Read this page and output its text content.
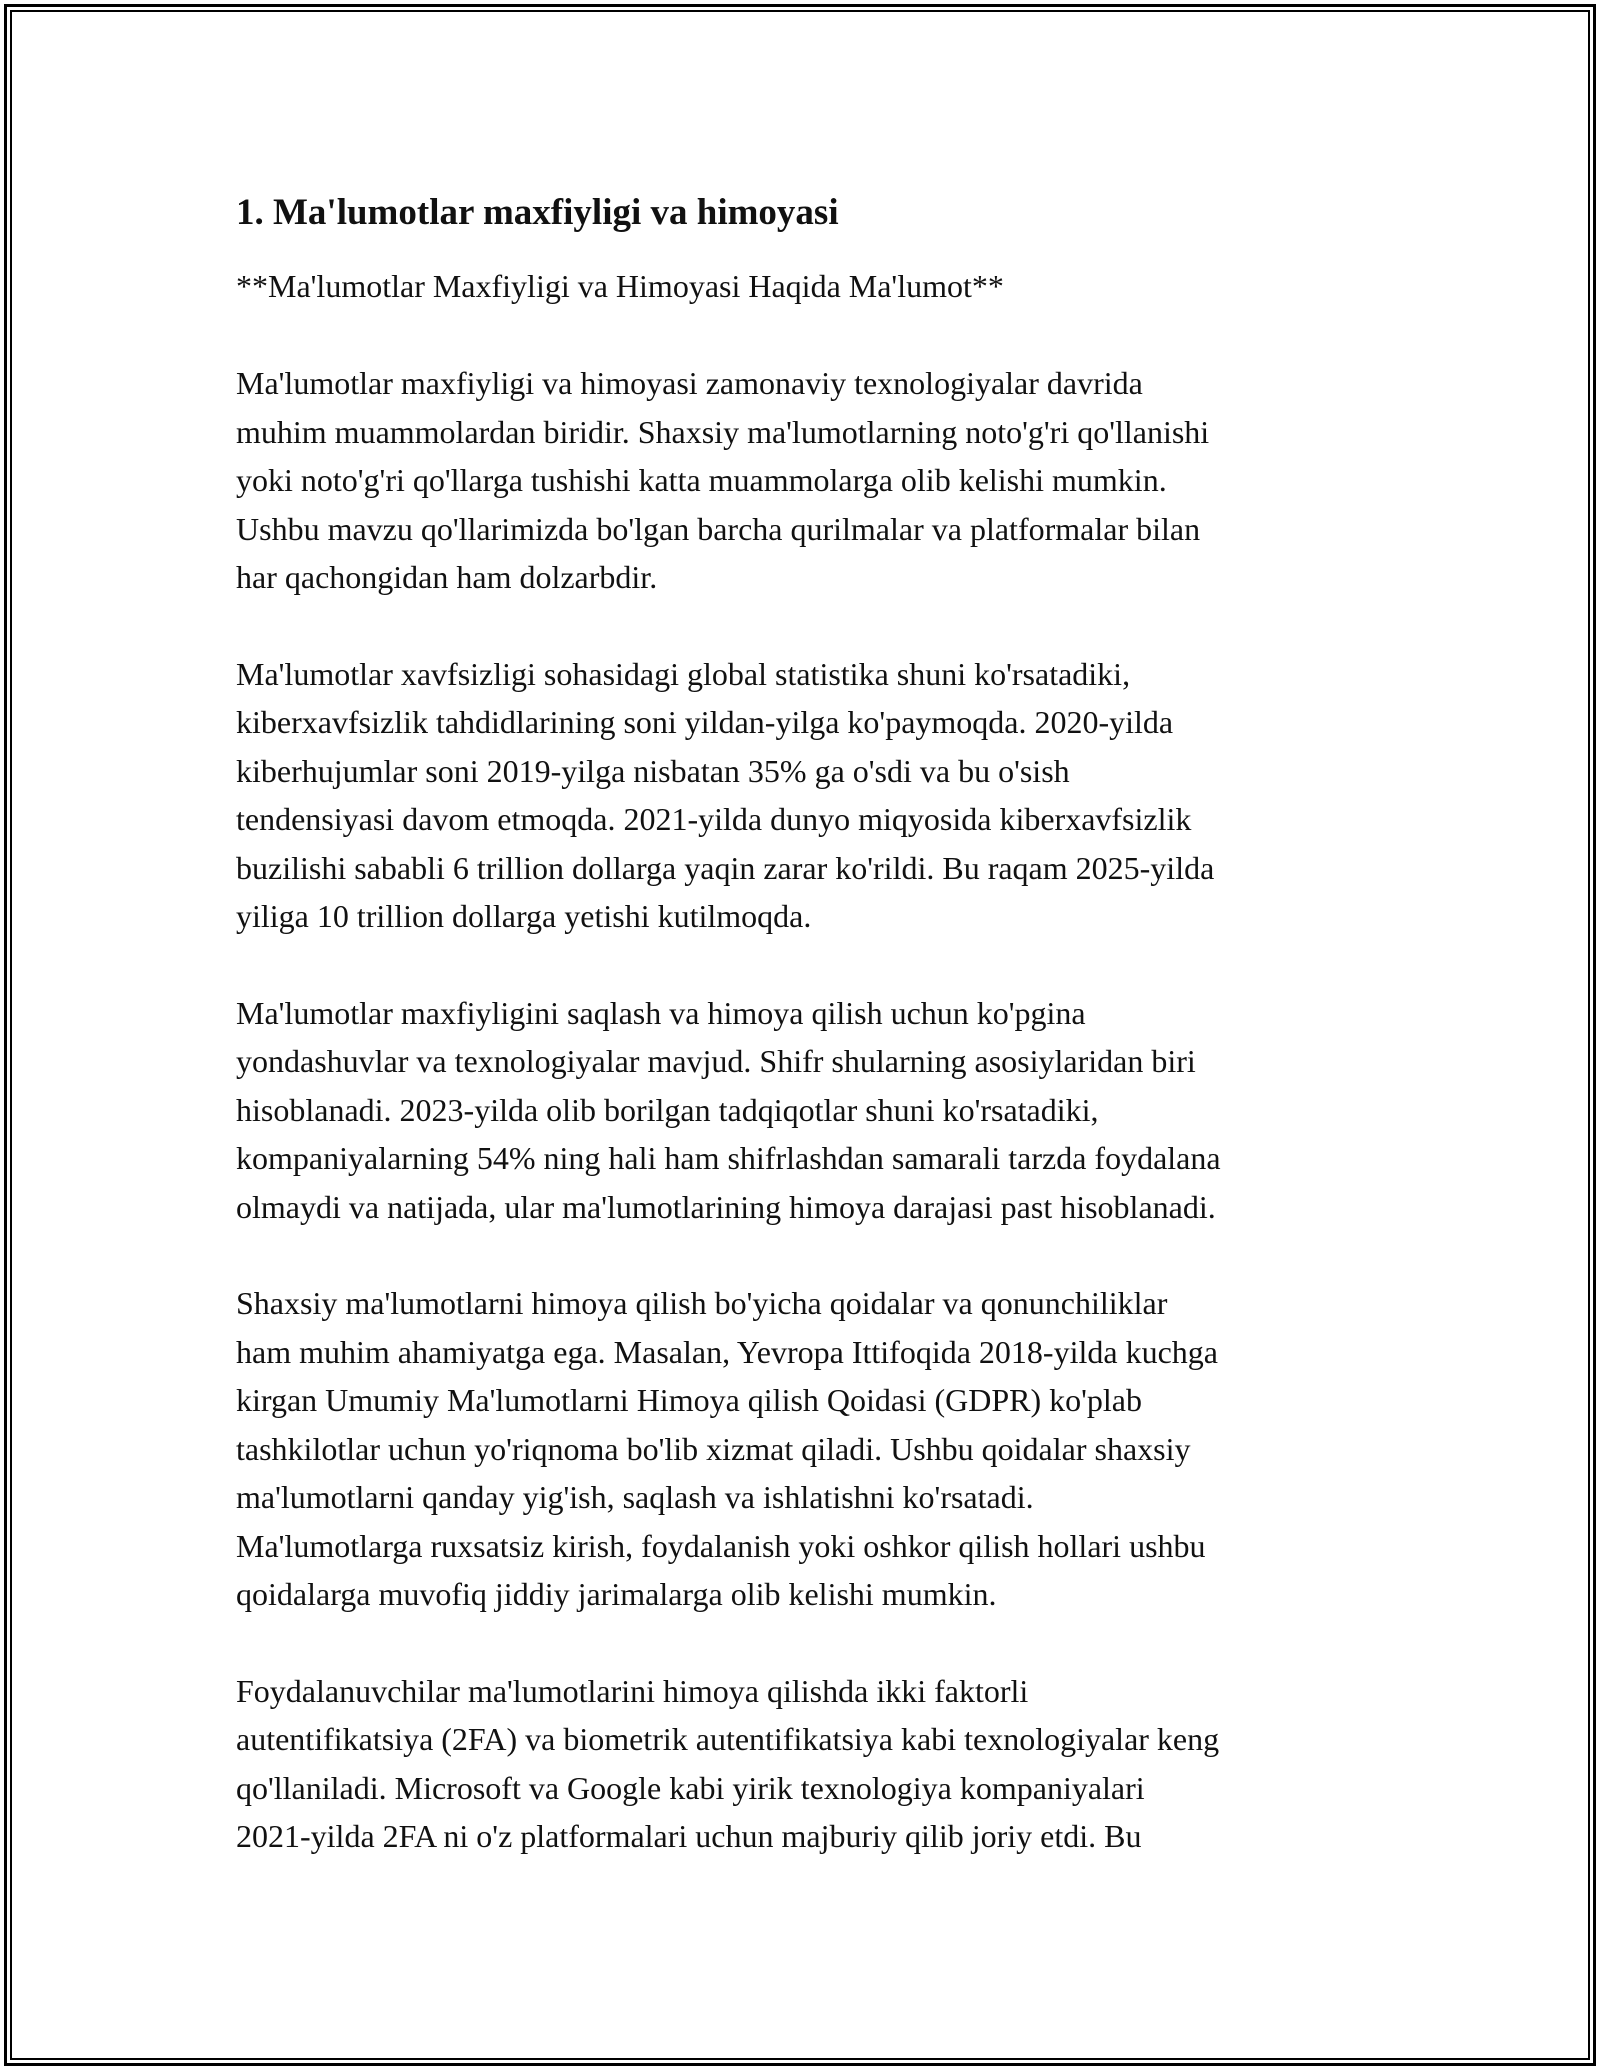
1. Ma'lumotlar maxfiyligi va himoyasi

**Ma'lumotlar Maxfiyligi va Himoyasi Haqida Ma'lumot**

Ma'lumotlar maxfiyligi va himoyasi zamonaviy texnologiyalar davrida
muhim muammolardan biridir. Shaxsiy ma'lumotlarning noto'g'ri qo'llanishi
yoki noto'g'ri qo'llarga tushishi katta muammolarga olib kelishi mumkin.
Ushbu mavzu qo'llarimizda bo'lgan barcha qurilmalar va platformalar bilan
har qachongidan ham dolzarbdir.

Ma'lumotlar xavfsizligi sohasidagi global statistika shuni ko'rsatadiki,
kiberxavfsizlik tahdidlarining soni yildan-yilga ko'paymoqda. 2020-yilda
kiberhujumlar soni 2019-yilga nisbatan 35% ga o'sdi va bu o'sish
tendensiyasi davom etmoqda. 2021-yilda dunyo miqyosida kiberxavfsizlik
buzilishi sababli 6 trillion dollarga yaqin zarar ko'rildi. Bu raqam 2025-yilda
yiliga 10 trillion dollarga yetishi kutilmoqda.

Ma'lumotlar maxfiyligini saqlash va himoya qilish uchun ko'pgina
yondashuvlar va texnologiyalar mavjud. Shifr shularning asosiylaridan biri
hisoblanadi. 2023-yilda olib borilgan tadqiqotlar shuni ko'rsatadiki,
kompaniyalarning 54% ning hali ham shifrlashdan samarali tarzda foydalana
olmaydi va natijada, ular ma'lumotlarining himoya darajasi past hisoblanadi.

Shaxsiy ma'lumotlarni himoya qilish bo'yicha qoidalar va qonunchiliklar
ham muhim ahamiyatga ega. Masalan, Yevropa Ittifoqida 2018-yilda kuchga
kirgan Umumiy Ma'lumotlarni Himoya qilish Qoidasi (GDPR) ko'plab
tashkilotlar uchun yo'riqnoma bo'lib xizmat qiladi. Ushbu qoidalar shaxsiy
ma'lumotlarni qanday yig'ish, saqlash va ishlatishni ko'rsatadi.
Ma'lumotlarga ruxsatsiz kirish, foydalanish yoki oshkor qilish hollari ushbu
qoidalarga muvofiq jiddiy jarimalarga olib kelishi mumkin.

Foydalanuvchilar ma'lumotlarini himoya qilishda ikki faktorli
autentifikatsiya (2FA) va biometrik autentifikatsiya kabi texnologiyalar keng
qo'llaniladi. Microsoft va Google kabi yirik texnologiya kompaniyalari
2021-yilda 2FA ni o'z platformalari uchun majburiy qilib joriy etdi. Bu
